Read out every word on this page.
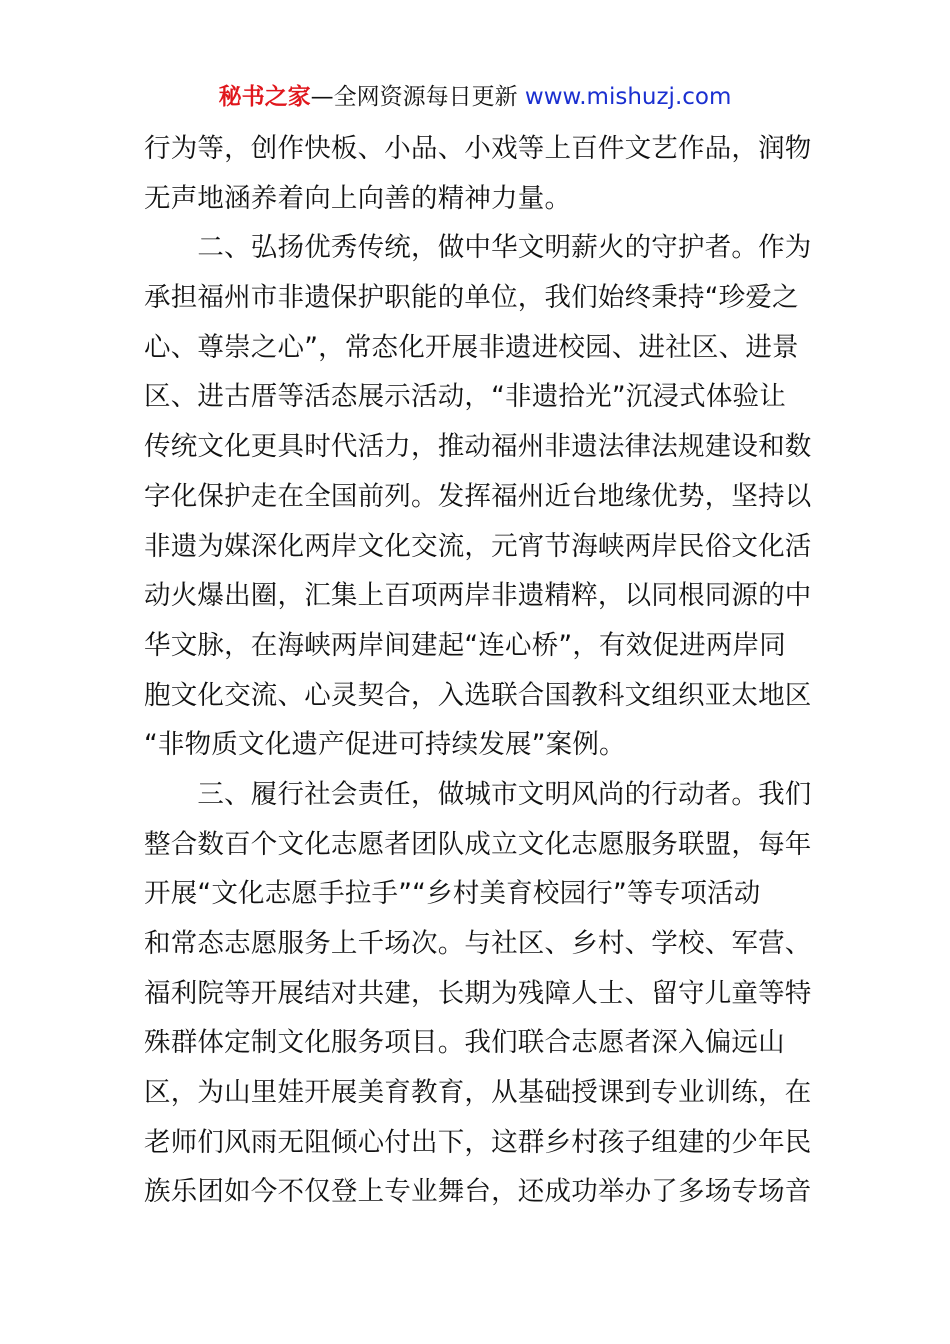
秘书之家—全网资源每日更新 www.mishuzj.com
行为等，创作快板、小品、小戏等上百件文艺作品，润物
无声地涵养着向上向善的精神力量。
　　二、弘扬优秀传统，做中华文明薪火的守护者。作为
承担福州市非遗保护职能的单位，我们始终秉持“珍爱之
心、尊崇之心”，常态化开展非遗进校园、进社区、进景
区、进古厝等活态展示活动，“非遗拾光”沉浸式体验让
传统文化更具时代活力，推动福州非遗法律法规建设和数
字化保护走在全国前列。发挥福州近台地缘优势，坚持以
非遗为媒深化两岸文化交流，元宵节海峡两岸民俗文化活
动火爆出圈，汇集上百项两岸非遗精粹，以同根同源的中
华文脉，在海峡两岸间建起“连心桥”，有效促进两岸同
胞文化交流、心灵契合，入选联合国教科文组织亚太地区
“非物质文化遗产促进可持续发展”案例。
　　三、履行社会责任，做城市文明风尚的行动者。我们
整合数百个文化志愿者团队成立文化志愿服务联盟，每年
开展“文化志愿手拉手”“乡村美育校园行”等专项活动
和常态志愿服务上千场次。与社区、乡村、学校、军营、
福利院等开展结对共建，长期为残障人士、留守儿童等特
殊群体定制文化服务项目。我们联合志愿者深入偏远山
区，为山里娃开展美育教育，从基础授课到专业训练，在
老师们风雨无阻倾心付出下，这群乡村孩子组建的少年民
族乐团如今不仅登上专业舞台，还成功举办了多场专场音
